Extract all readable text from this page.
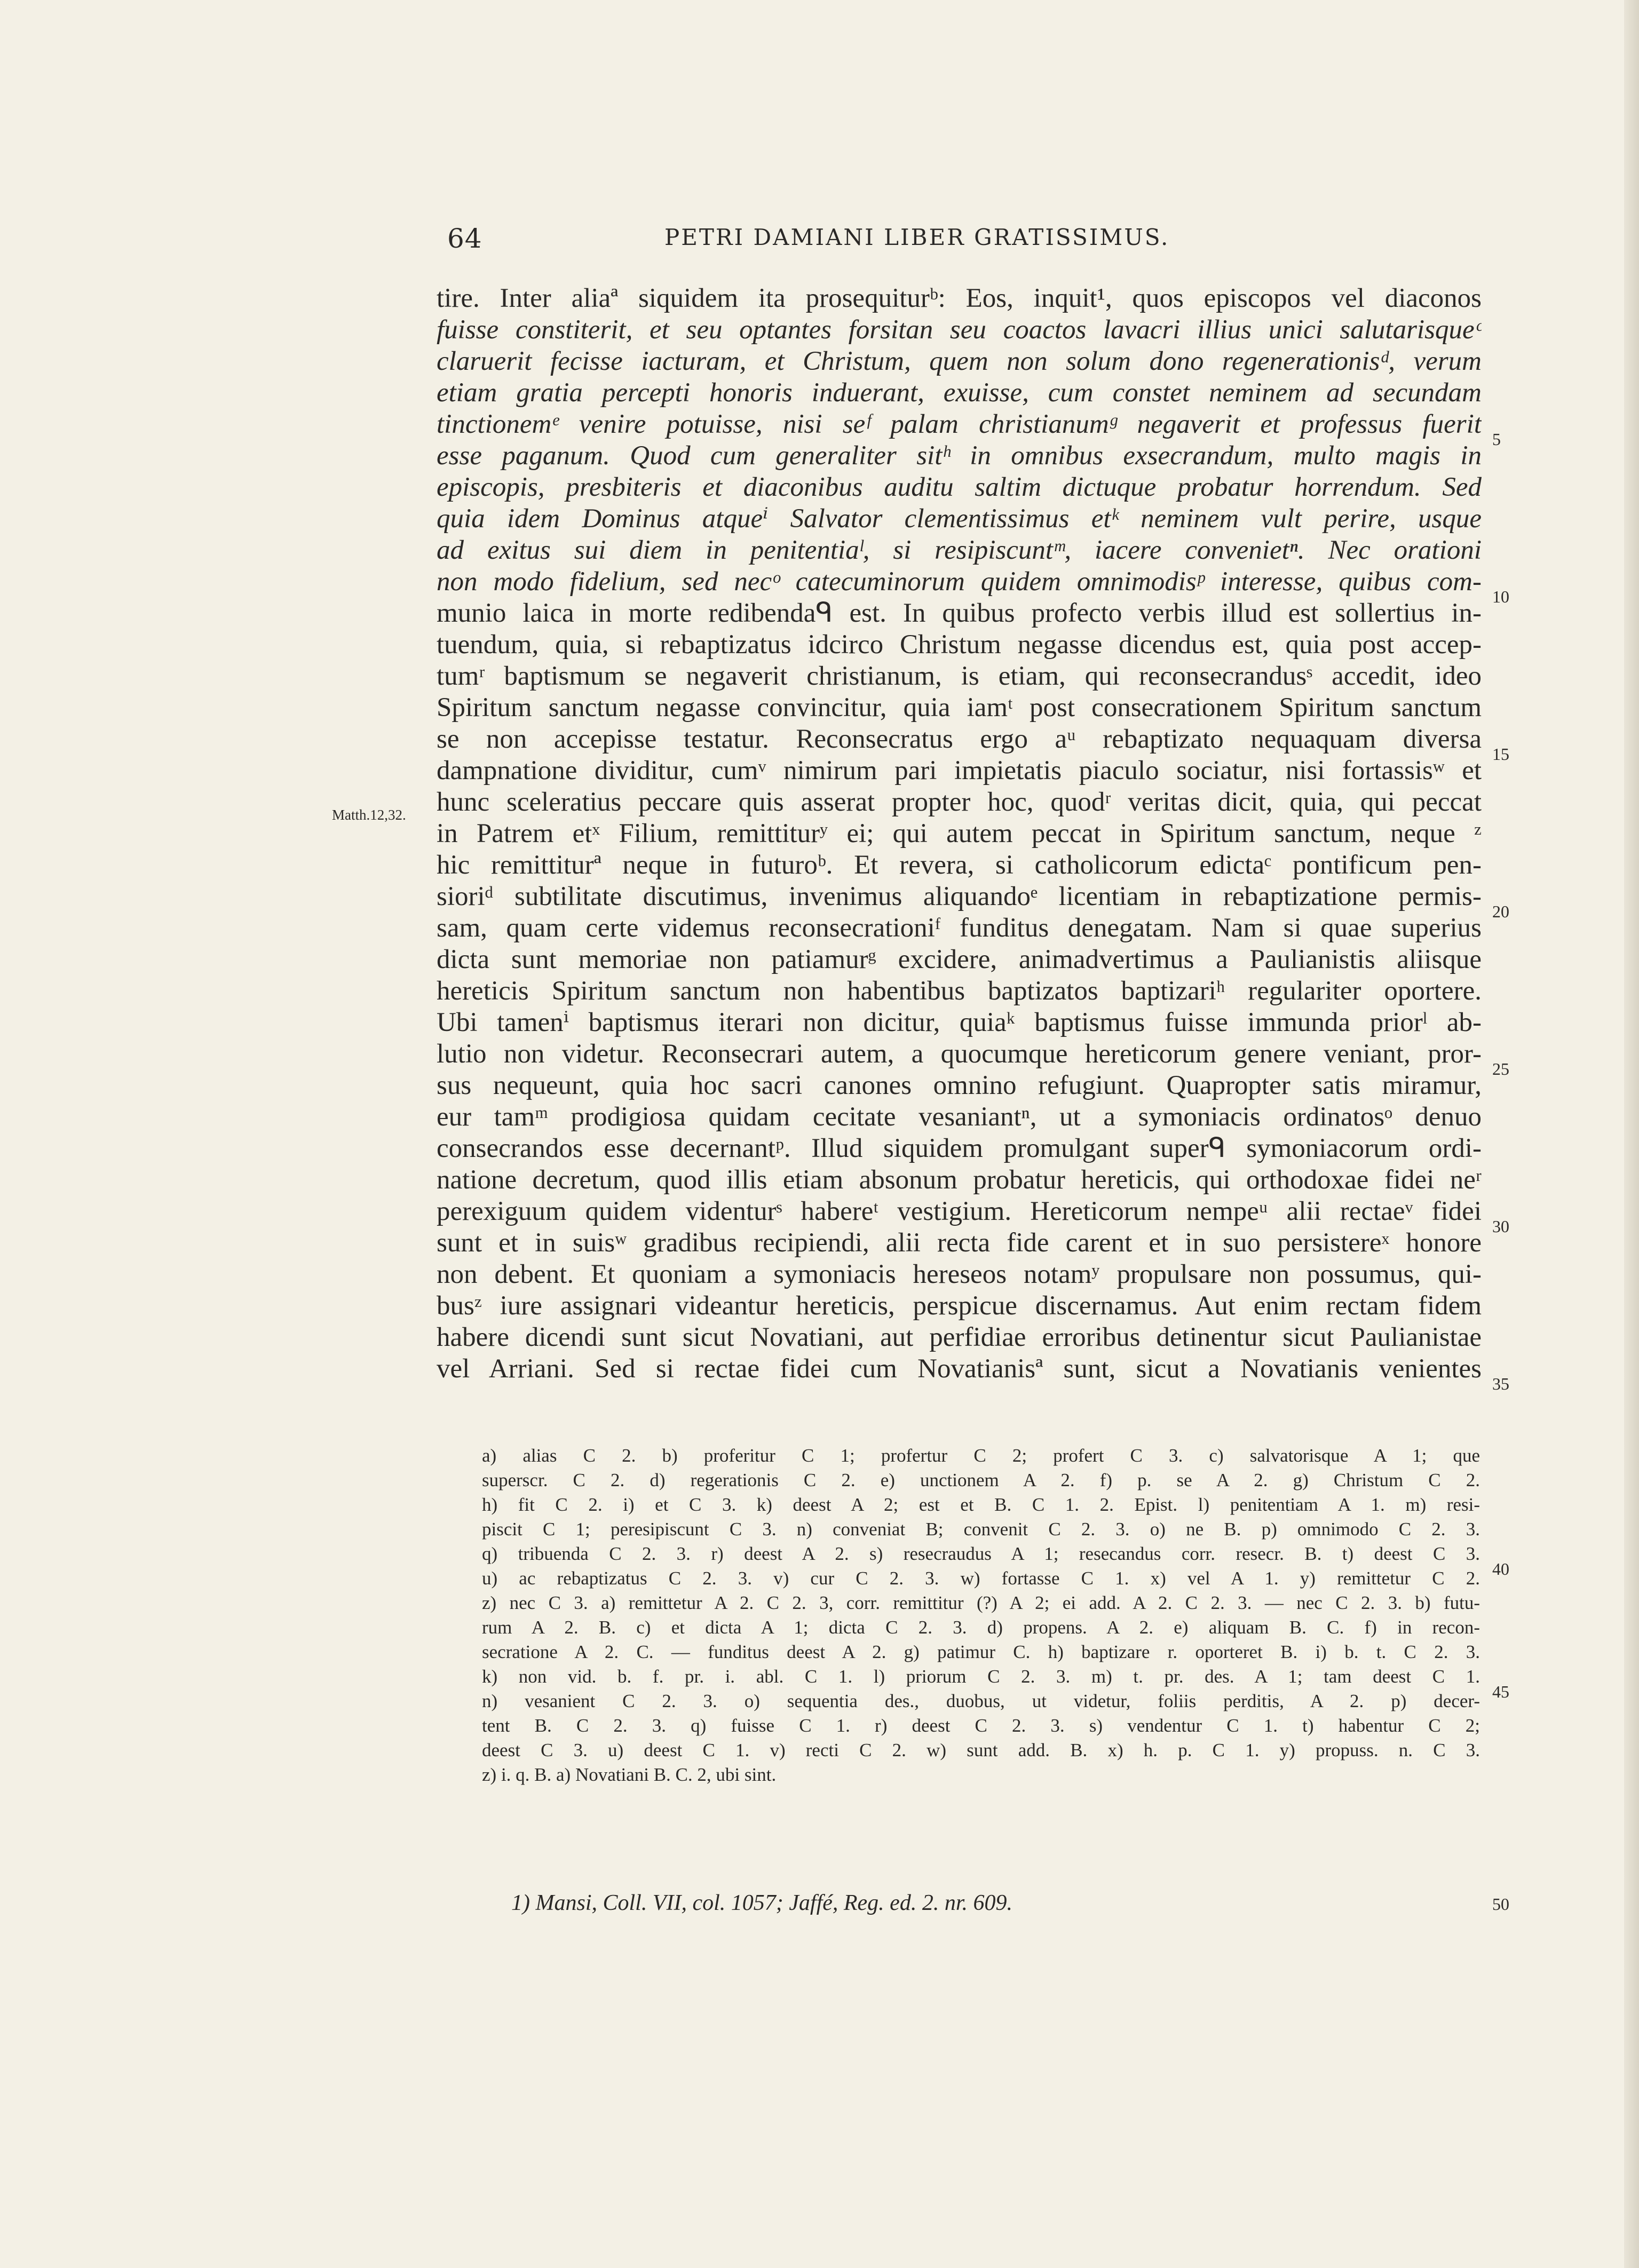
64	PETRI DAMIANI LIBER GRATISSIMUS.
Matth.12,32.
tire. Inter aliaª siquidem ita prosequiturᵇ: Eos, inquit¹, quos episcopos vel diaconos
fuisse constiterit, et seu optantes forsitan seu coactos lavacri illius unici salutarisqueᶜ
claruerit fecisse iacturam, et Christum, quem non solum dono regenerationisᵈ, verum
etiam gratia percepti honoris induerant, exuisse, cum constet neminem ad secundam
tinctionemᵉ venire potuisse, nisi seᶠ palam christianumᵍ negaverit et professus fuerit
esse paganum. Quod cum generaliter sitʰ in omnibus exsecrandum, multo magis in
episcopis, presbiteris et diaconibus auditu saltim dictuque probatur horrendum. Sed
quia idem Dominus atqueⁱ Salvator clementissimus etᵏ neminem vult perire, usque
ad exitus sui diem in penitentiaˡ, si resipiscuntᵐ, iacere convenietⁿ. Nec orationi
non modo fidelium, sed necᵒ catecuminorum quidem omnimodisᵖ interesse, quibus com-
munio laica in morte redibendaᑫ est. In quibus profecto verbis illud est sollertius in-
tuendum, quia, si rebaptizatus idcirco Christum negasse dicendus est, quia post accep-
tumʳ baptismum se negaverit christianum, is etiam, qui reconsecrandusˢ accedit, ideo
Spiritum sanctum negasse convincitur, quia iamᵗ post consecrationem Spiritum sanctum
se non accepisse testatur. Reconsecratus ergo aᵘ rebaptizato nequaquam diversa
dampnatione dividitur, cumᵛ nimirum pari impietatis piaculo sociatur, nisi fortassisʷ et
hunc sceleratius peccare quis asserat propter hoc, quodʳ veritas dicit, quia, qui peccat
in Patrem etˣ Filium, remittiturʸ ei; qui autem peccat in Spiritum sanctum, neque ᶻ
hic remittiturª neque in futuroᵇ. Et revera, si catholicorum edictaᶜ pontificum pen-
sioriᵈ subtilitate discutimus, invenimus aliquandoᵉ licentiam in rebaptizatione permis-
sam, quam certe videmus reconsecrationiᶠ funditus denegatam. Nam si quae superius
dicta sunt memoriae non patiamurᵍ excidere, animadvertimus a Paulianistis aliisque
hereticis Spiritum sanctum non habentibus baptizatos baptizariʰ regulariter oportere.
Ubi tamenⁱ baptismus iterari non dicitur, quiaᵏ baptismus fuisse immunda priorˡ ab-
lutio non videtur. Reconsecrari autem, a quocumque hereticorum genere veniant, pror-
sus nequeunt, quia hoc sacri canones omnino refugiunt. Quapropter satis miramur,
eur tamᵐ prodigiosa quidam cecitate vesaniantⁿ, ut a symoniacis ordinatosᵒ denuo
consecrandos esse decernantᵖ. Illud siquidem promulgant superᑫ symoniacorum ordi-
natione decretum, quod illis etiam absonum probatur hereticis, qui orthodoxae fidei neʳ
perexiguum quidem videnturˢ habereᵗ vestigium. Hereticorum nempeᵘ alii rectaeᵛ fidei
sunt et in suisʷ gradibus recipiendi, alii recta fide carent et in suo persistereˣ honore
non debent. Et quoniam a symoniacis hereseos notamʸ propulsare non possumus, qui-
busᶻ iure assignari videantur hereticis, perspicue discernamus. Aut enim rectam fidem
habere dicendi sunt sicut Novatiani, aut perfidiae erroribus detinentur sicut Paulianistae
vel Arriani. Sed si rectae fidei cum Novatianisª sunt, sicut a Novatianis venientes
5
10
15
20
25
30
35
a) alias C 2. b) proferitur C 1; profertur C 2; profert C 3. c) salvatorisque A 1; que
superscr. C 2. d) regerationis C 2. e) unctionem A 2. f) p. se A 2. g) Christum C 2.
h) fit C 2. i) et C 3. k) deest A 2; est et B. C 1. 2. Epist. l) penitentiam A 1. m) resi-
piscit C 1; peresipiscunt C 3. n) conveniat B; convenit C 2. 3. o) ne B. p) omnimodo C 2. 3.
q) tribuenda C 2. 3. r) deest A 2. s) resecraudus A 1; resecandus corr. resecr. B. t) deest C 3.
u) ac rebaptizatus C 2. 3. v) cur C 2. 3. w) fortasse C 1. x) vel A 1. y) remittetur C 2.
z) nec C 3. a) remittetur A 2. C 2. 3, corr. remittitur (?) A 2; ei add. A 2. C 2. 3. — nec C 2. 3. b) futu-
rum A 2. B. c) et dicta A 1; dicta C 2. 3. d) propens. A 2. e) aliquam B. C. f) in recon-
secratione A 2. C. — funditus deest A 2. g) patimur C. h) baptizare r. oporteret B. i) b. t. C 2. 3.
k) non vid. b. f. pr. i. abl. C 1. l) priorum C 2. 3. m) t. pr. des. A 1; tam deest C 1.
n) vesanient C 2. 3. o) sequentia des., duobus, ut videtur, foliis perditis, A 2. p) decer-
tent B. C 2. 3. q) fuisse C 1. r) deest C 2. 3. s) vendentur C 1. t) habentur C 2;
deest C 3. u) deest C 1. v) recti C 2. w) sunt add. B. x) h. p. C 1. y) propuss. n. C 3.
z) i. q. B. a) Novatiani B. C. 2, ubi sint.
40
45
1) Mansi, Coll. VII, col. 1057; Jaffé, Reg. ed. 2. nr. 609.	50
